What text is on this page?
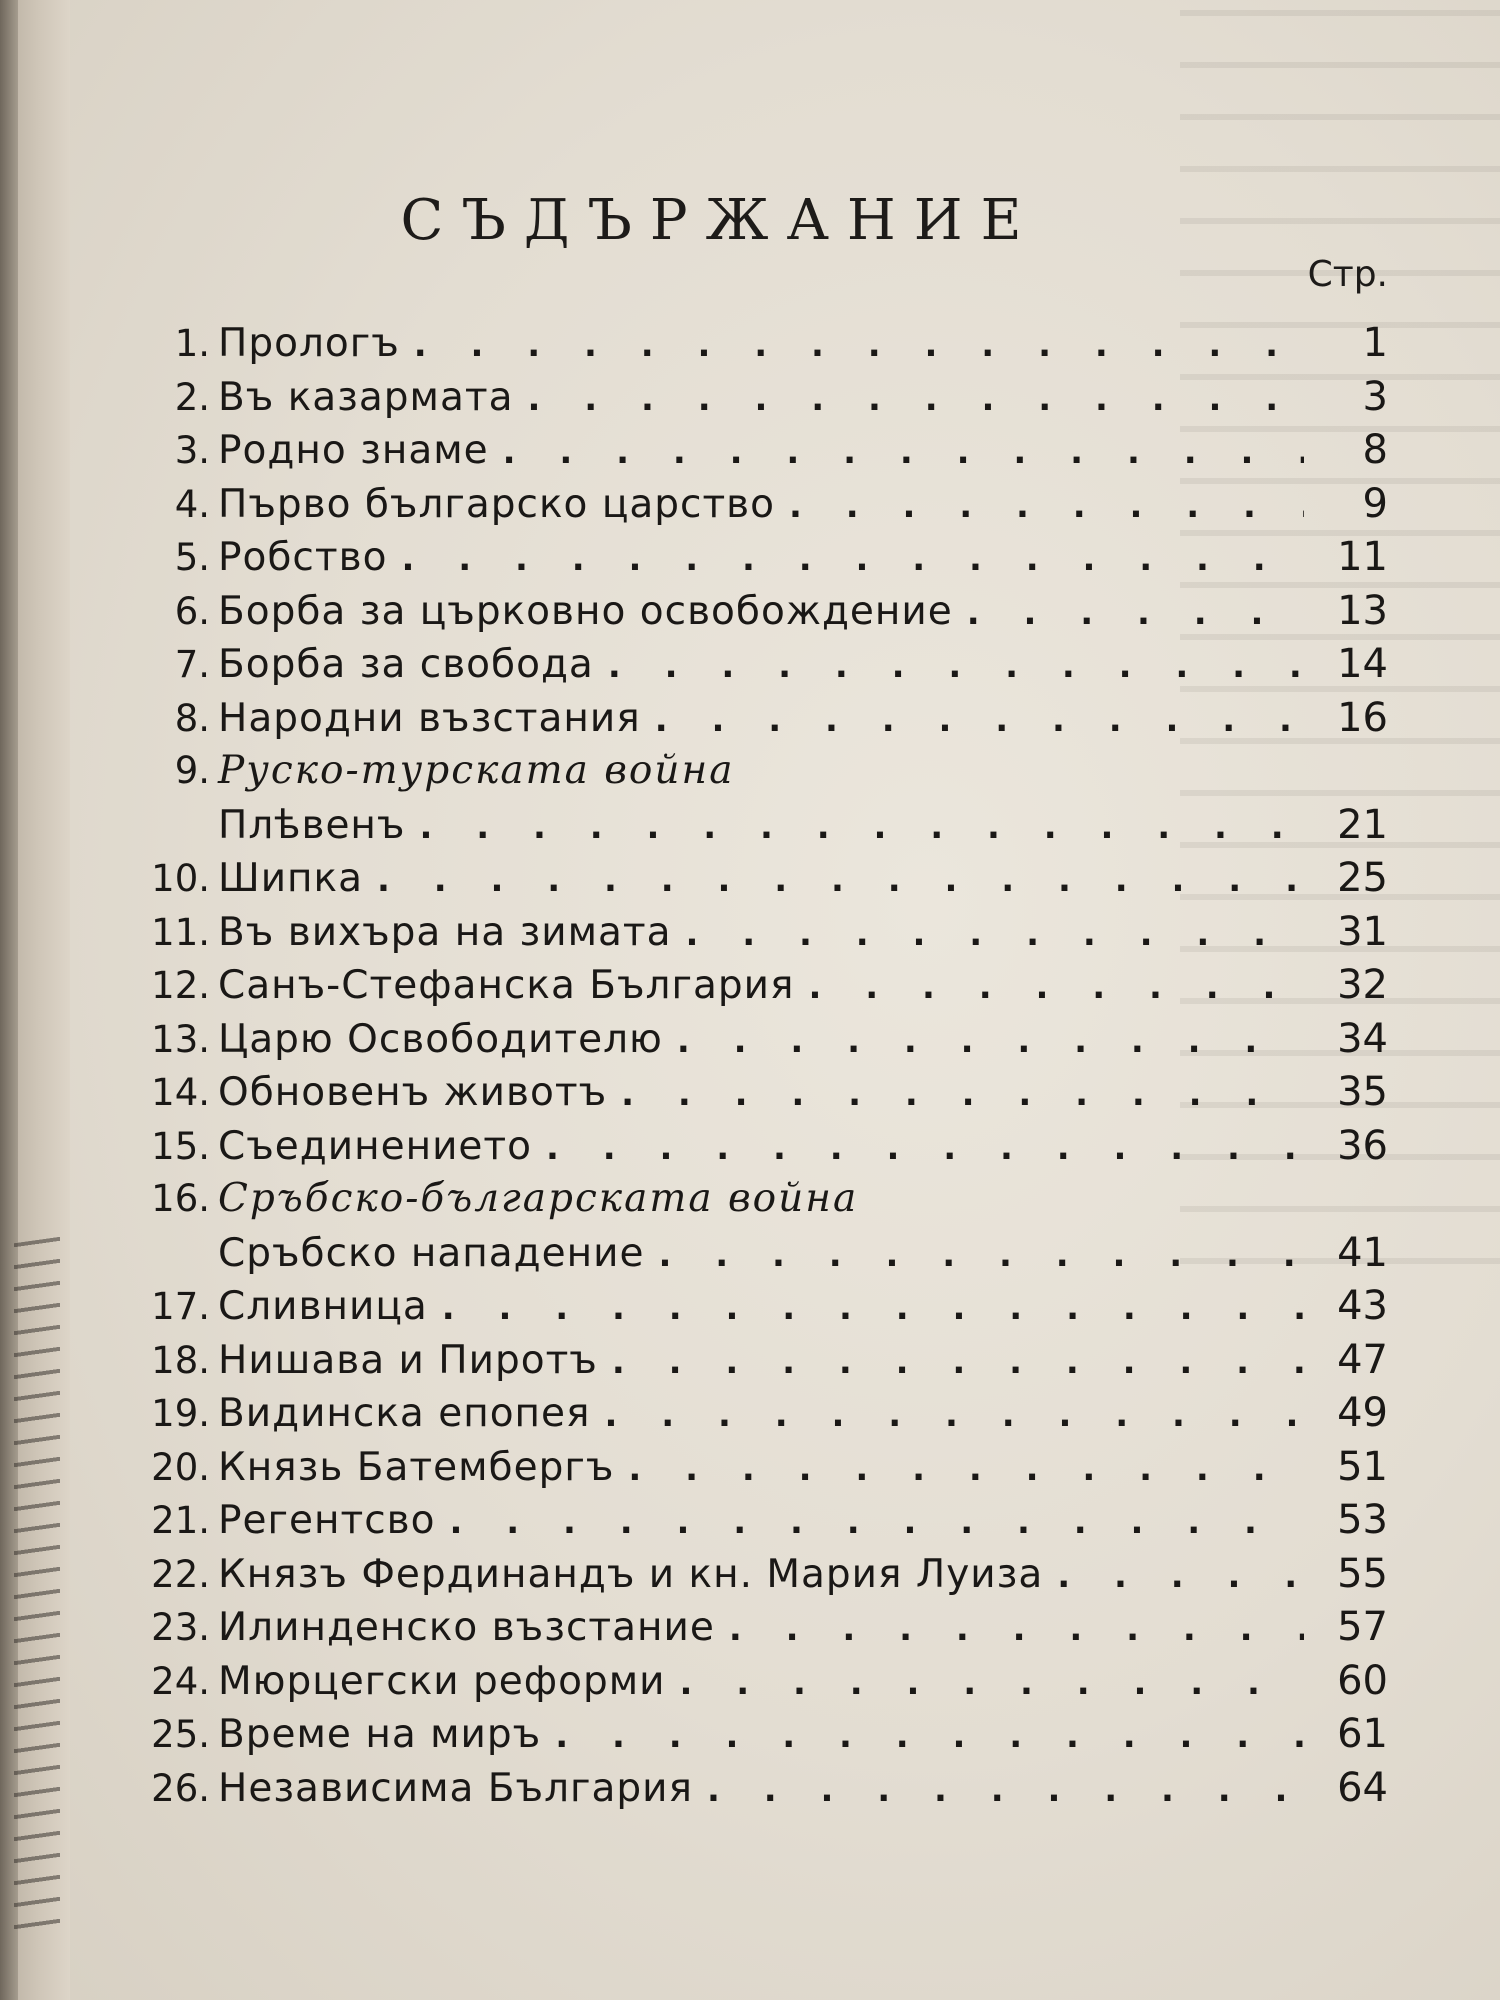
СЪДЪРЖАНИЕ
Стр.
1. Прологъ . . .	1
2. Въ казармата . . .	3
3. Родно знаме . . .	8
4. Първо българско царство . . .	9
5. Робство . . .	11
6. Борба за църковно освобождение . . .	13
7. Борба за свобода . . .	14
8. Народни възстания . . .	16
9. Руско-турската война
Плѣвенъ . . .	21
10. Шипка . . .	25
11. Въ вихъра на зимата . . .	31
12. Санъ-Стефанска България . . .	32
13. Царю Освободителю . . .	34
14. Обновенъ животъ . . .	35
15. Съединението . . .	36
16. Сръбско-българската война
Сръбско нападение . . .	41
17. Сливница . . .	43
18. Нишава и Пиротъ . . .	47
19. Видинска епопея . . .	49
20. Князь Батембергъ . . .	51
21. Регентсво . . .	53
22. Князъ Фердинандъ и кн. Мария Луиза . . .	55
23. Илинденско възстание . . .	57
24. Мюрцегски реформи . . .	60
25. Време на миръ . . .	61
26. Независима България . . .	64
